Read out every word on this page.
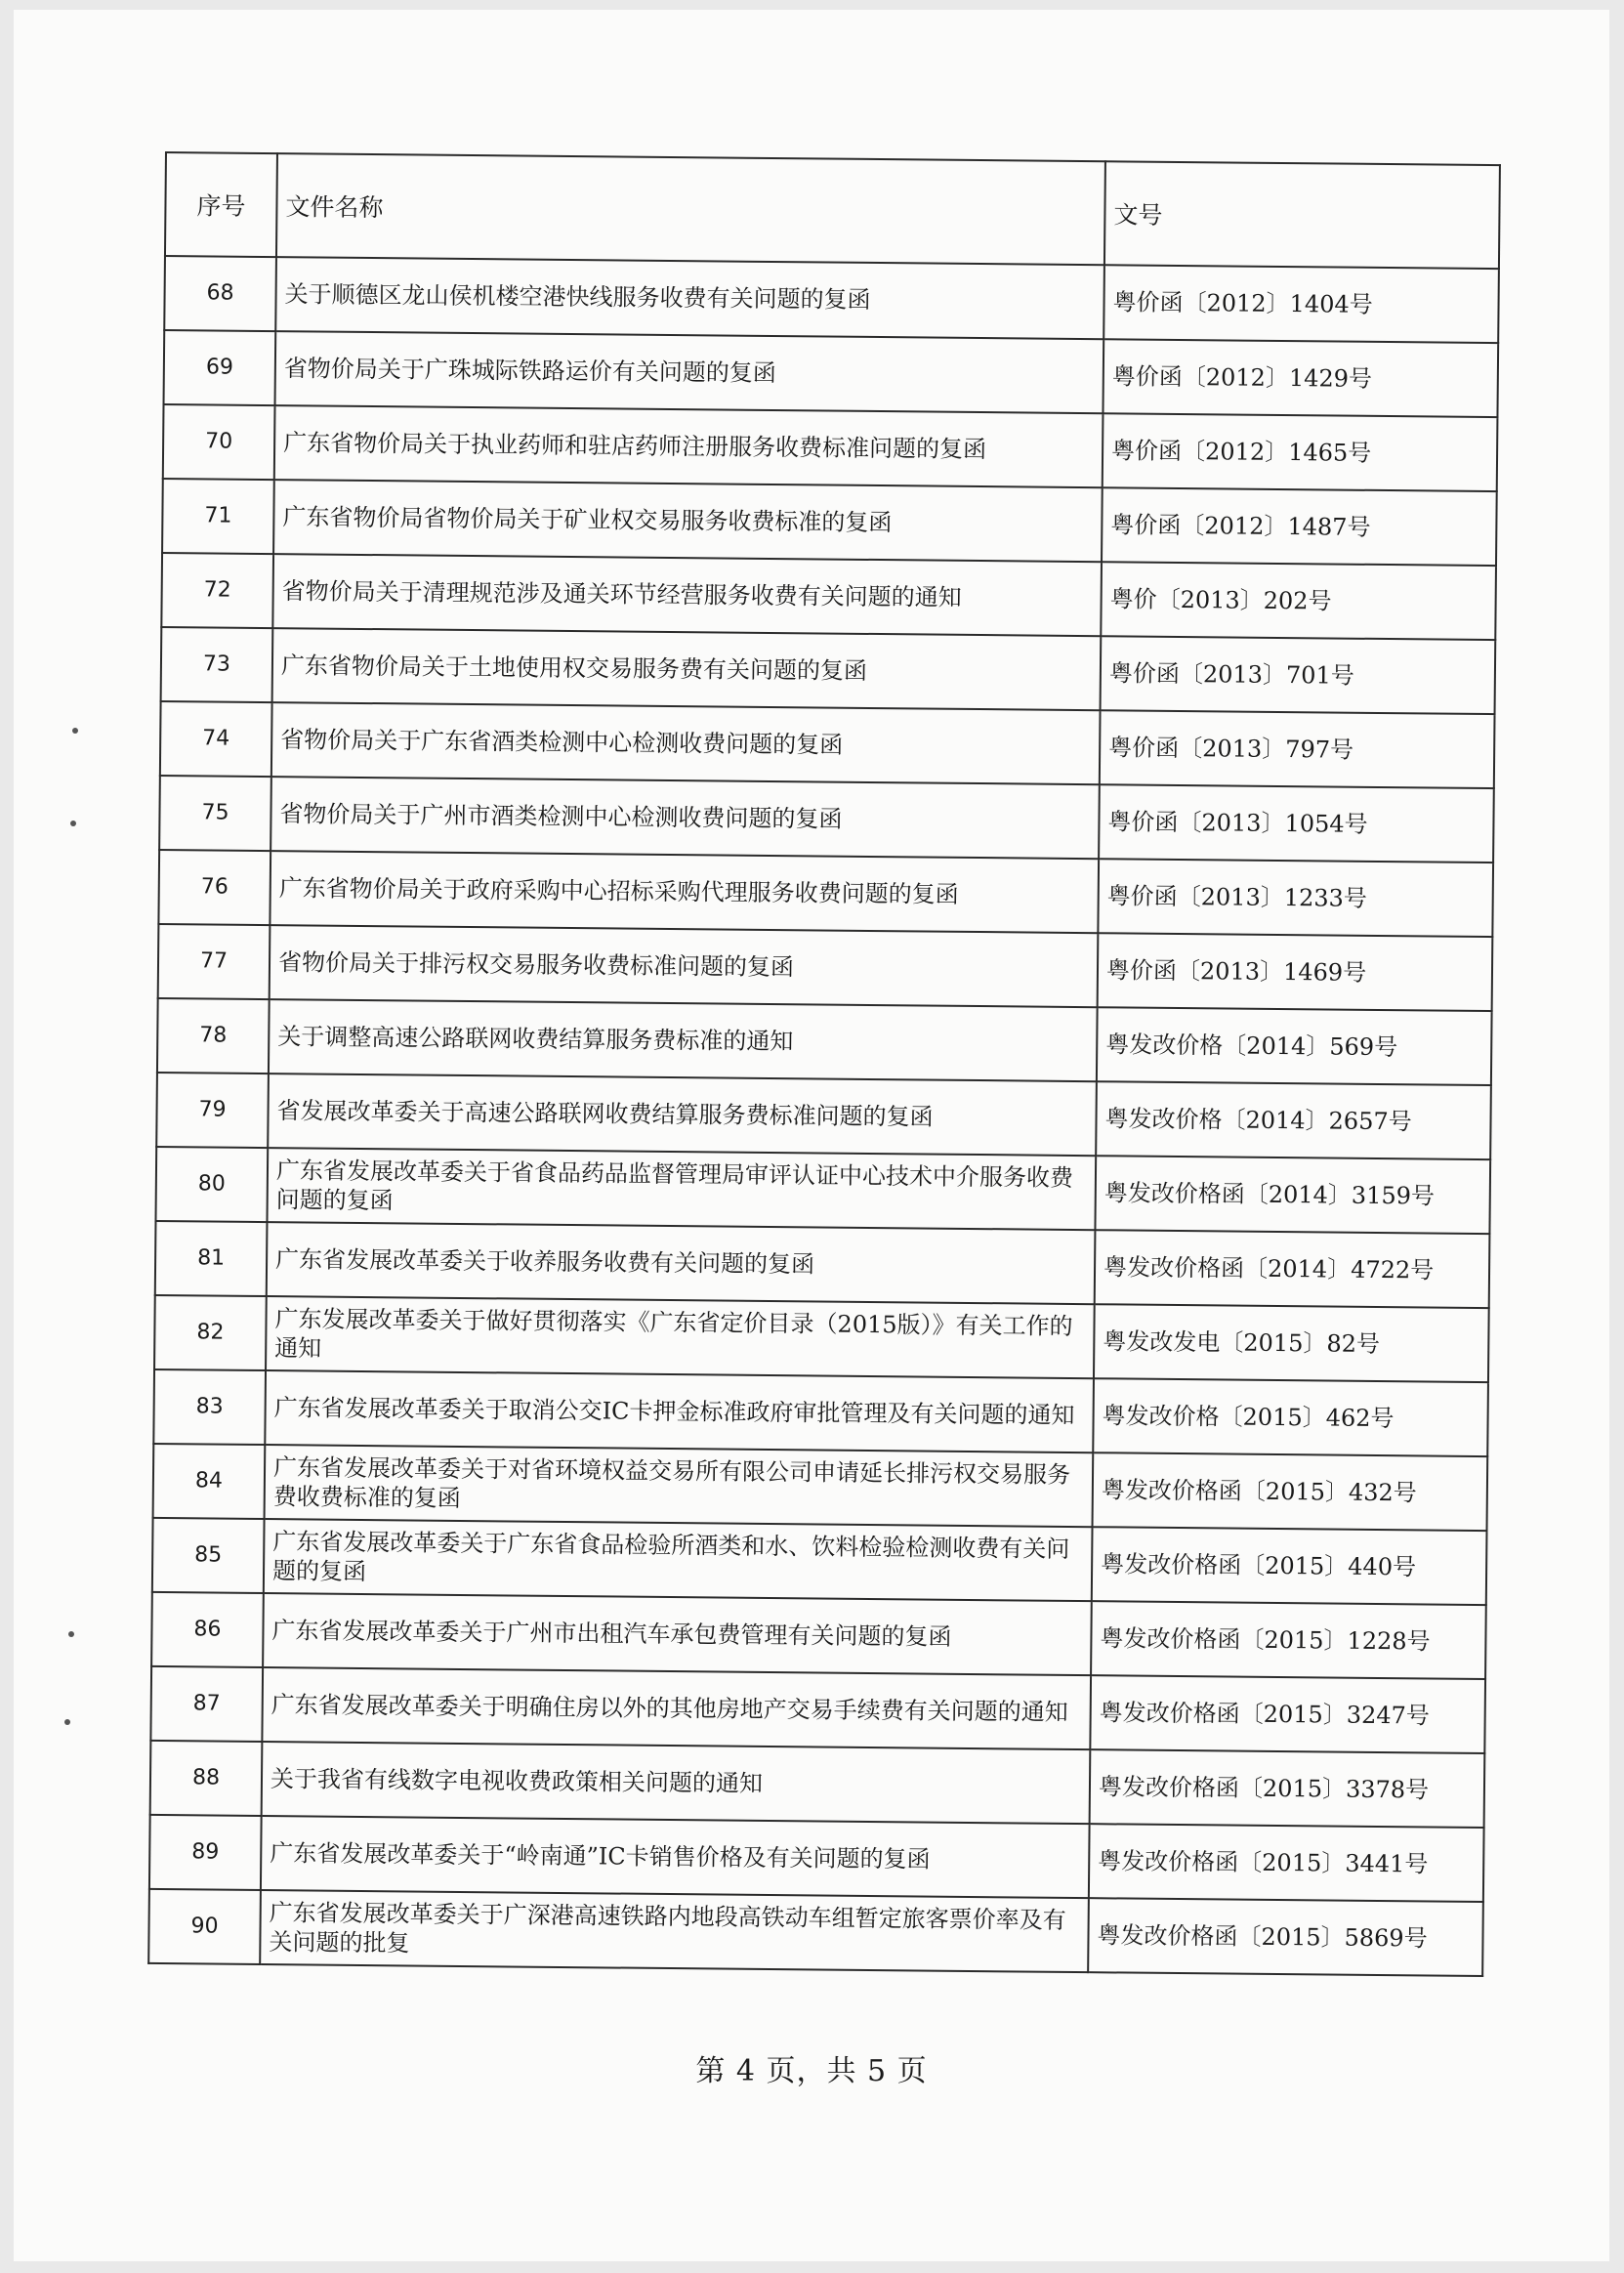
序号	文件名称	文号
68	关于顺德区龙山侯机楼空港快线服务收费有关问题的复函	粤价函〔2012〕1404号
69	省物价局关于广珠城际铁路运价有关问题的复函	粤价函〔2012〕1429号
70	广东省物价局关于执业药师和驻店药师注册服务收费标准问题的复函	粤价函〔2012〕1465号
71	广东省物价局省物价局关于矿业权交易服务收费标准的复函	粤价函〔2012〕1487号
72	省物价局关于清理规范涉及通关环节经营服务收费有关问题的通知	粤价〔2013〕202号
73	广东省物价局关于土地使用权交易服务费有关问题的复函	粤价函〔2013〕701号
74	省物价局关于广东省酒类检测中心检测收费问题的复函	粤价函〔2013〕797号
75	省物价局关于广州市酒类检测中心检测收费问题的复函	粤价函〔2013〕1054号
76	广东省物价局关于政府采购中心招标采购代理服务收费问题的复函	粤价函〔2013〕1233号
77	省物价局关于排污权交易服务收费标准问题的复函	粤价函〔2013〕1469号
78	关于调整高速公路联网收费结算服务费标准的通知	粤发改价格〔2014〕569号
79	省发展改革委关于高速公路联网收费结算服务费标准问题的复函	粤发改价格〔2014〕2657号
80	广东省发展改革委关于省食品药品监督管理局审评认证中心技术中介服务收费问题的复函	粤发改价格函〔2014〕3159号
81	广东省发展改革委关于收养服务收费有关问题的复函	粤发改价格函〔2014〕4722号
82	广东发展改革委关于做好贯彻落实《广东省定价目录（2015版）》有关工作的通知	粤发改发电〔2015〕82号
83	广东省发展改革委关于取消公交IC卡押金标准政府审批管理及有关问题的通知	粤发改价格〔2015〕462号
84	广东省发展改革委关于对省环境权益交易所有限公司申请延长排污权交易服务费收费标准的复函	粤发改价格函〔2015〕432号
85	广东省发展改革委关于广东省食品检验所酒类和水、饮料检验检测收费有关问题的复函	粤发改价格函〔2015〕440号
86	广东省发展改革委关于广州市出租汽车承包费管理有关问题的复函	粤发改价格函〔2015〕1228号
87	广东省发展改革委关于明确住房以外的其他房地产交易手续费有关问题的通知	粤发改价格函〔2015〕3247号
88	关于我省有线数字电视收费政策相关问题的通知	粤发改价格函〔2015〕3378号
89	广东省发展改革委关于“岭南通”IC卡销售价格及有关问题的复函	粤发改价格函〔2015〕3441号
90	广东省发展改革委关于广深港高速铁路内地段高铁动车组暂定旅客票价率及有关问题的批复	粤发改价格函〔2015〕5869号
第 4 页，共 5 页
